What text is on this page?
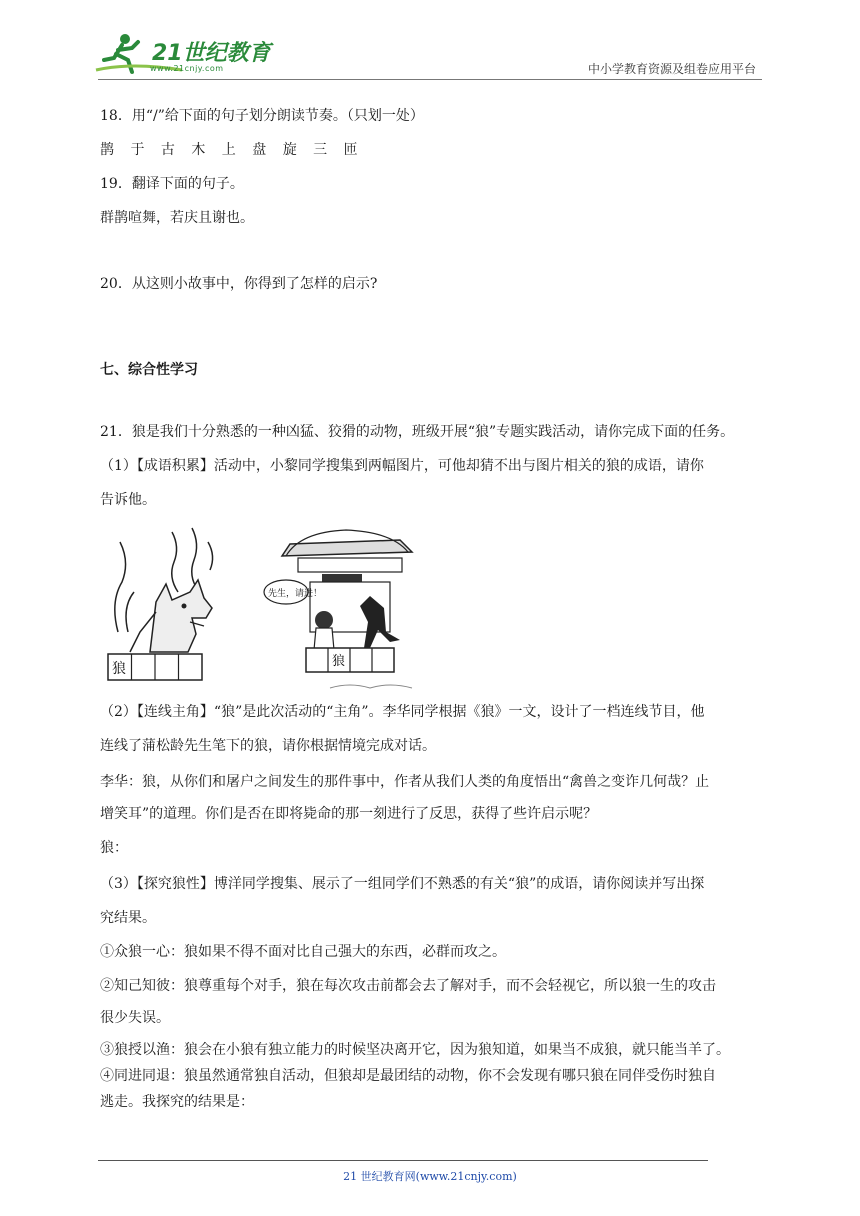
21世纪教育
www.21cnjy.com	中小学教育资源及组卷应用平台
18．用“/”给下面的句子划分朗读节奏。（只划一处）
鹊 于 古 木 上 盘 旋 三 匝
19．翻译下面的句子。
群鹊喧舞，若庆且谢也。
20．从这则小故事中，你得到了怎样的启示?
七、综合性学习
21．狼是我们十分熟悉的一种凶猛、狡猾的动物，班级开展“狼”专题实践活动，请你完成下面的任务。
（1）【成语积累】活动中，小黎同学搜集到两幅图片，可他却猜不出与图片相关的狼的成语，请你
告诉他。
狼
先生，请进！
狼
（2）【连线主角】“狼”是此次活动的“主角”。李华同学根据《狼》一文，设计了一档连线节目，他
连线了蒲松龄先生笔下的狼，请你根据情境完成对话。
李华：狼，从你们和屠户之间发生的那件事中，作者从我们人类的角度悟出“禽兽之变诈几何哉？止
增笑耳”的道理。你们是否在即将毙命的那一刻进行了反思，获得了些许启示呢？
狼：
（3）【探究狼性】博洋同学搜集、展示了一组同学们不熟悉的有关“狼”的成语，请你阅读并写出探
究结果。
①众狼一心：狼如果不得不面对比自己强大的东西，必群而攻之。
②知己知彼：狼尊重每个对手，狼在每次攻击前都会去了解对手，而不会轻视它，所以狼一生的攻击
很少失误。
③狼授以渔：狼会在小狼有独立能力的时候坚决离开它，因为狼知道，如果当不成狼，就只能当羊了。
④同进同退：狼虽然通常独自活动，但狼却是最团结的动物，你不会发现有哪只狼在同伴受伤时独自
逃走。我探究的结果是：
21 世纪教育网(www.21cnjy.com)
